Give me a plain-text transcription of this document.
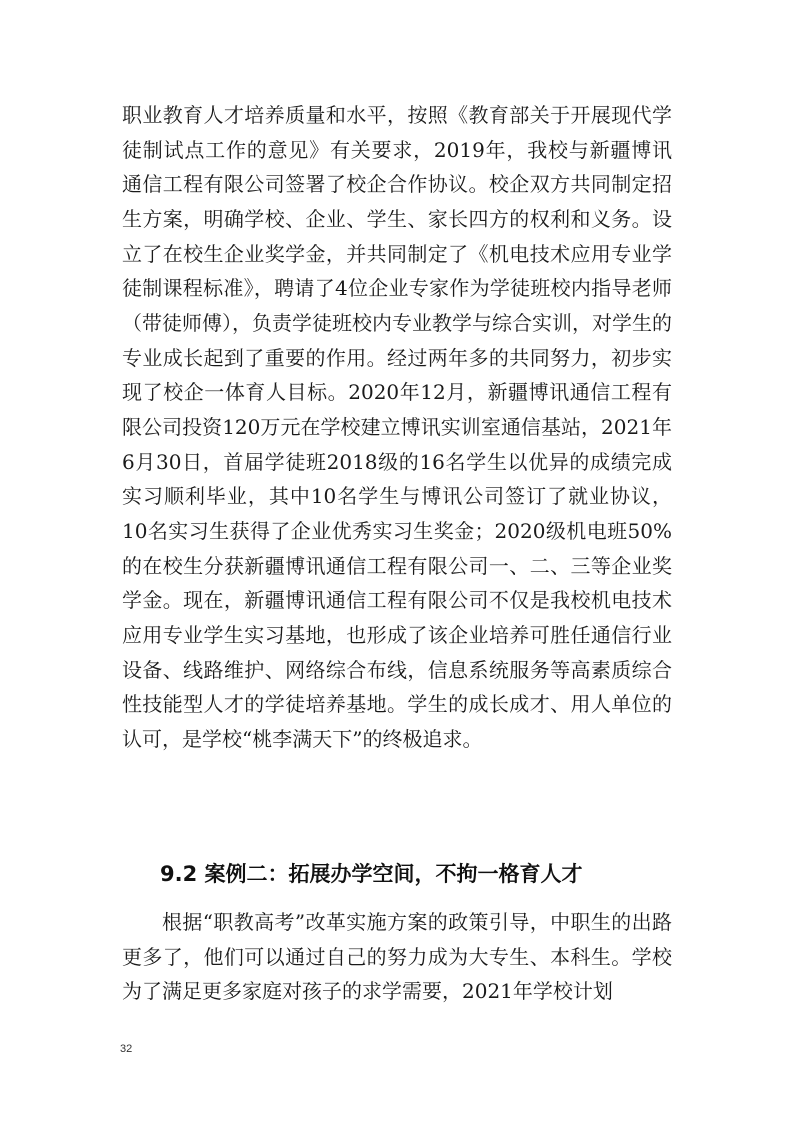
职业教育人才培养质量和水平，按照《教育部关于开展现代学徒制试点工作的意见》有关要求，2019年，我校与新疆博讯通信工程有限公司签署了校企合作协议。校企双方共同制定招生方案，明确学校、企业、学生、家长四方的权利和义务。设立了在校生企业奖学金，并共同制定了《机电技术应用专业学徒制课程标准》，聘请了4位企业专家作为学徒班校内指导老师（带徒师傅），负责学徒班校内专业教学与综合实训，对学生的专业成长起到了重要的作用。经过两年多的共同努力，初步实现了校企一体育人目标。2020年12月，新疆博讯通信工程有限公司投资120万元在学校建立博讯实训室通信基站，2021年6月30日，首届学徒班2018级的16名学生以优异的成绩完成实习顺利毕业，其中10名学生与博讯公司签订了就业协议，10名实习生获得了企业优秀实习生奖金；2020级机电班50%的在校生分获新疆博讯通信工程有限公司一、二、三等企业奖学金。现在，新疆博讯通信工程有限公司不仅是我校机电技术应用专业学生实习基地，也形成了该企业培养可胜任通信行业设备、线路维护、网络综合布线，信息系统服务等高素质综合性技能型人才的学徒培养基地。学生的成长成才、用人单位的认可，是学校“桃李满天下”的终极追求。

9.2 案例二：拓展办学空间，不拘一格育人才

根据“职教高考”改革实施方案的政策引导，中职生的出路更多了，他们可以通过自己的努力成为大专生、本科生。学校为了满足更多家庭对孩子的求学需要，2021年学校计划

32
